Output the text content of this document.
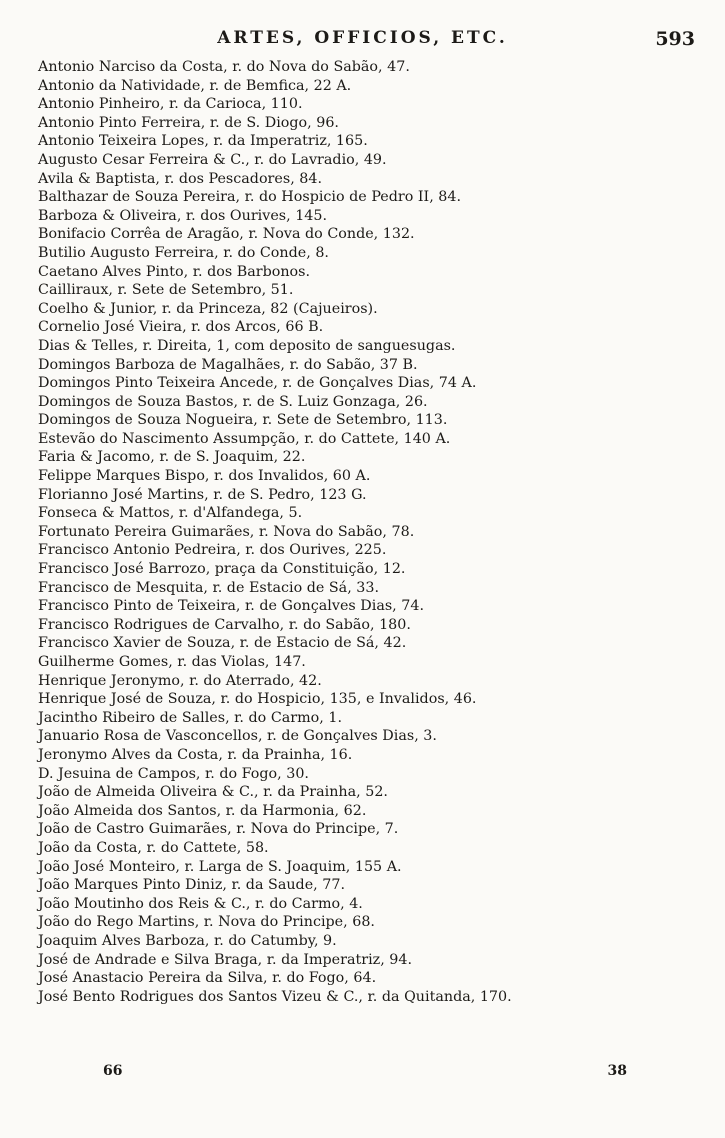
ARTES, OFFICIOS, ETC.	593
Antonio Narciso da Costa, r. do Nova do Sabão, 47.
Antonio da Natividade, r. de Bemfica, 22 A.
Antonio Pinheiro, r. da Carioca, 110.
Antonio Pinto Ferreira, r. de S. Diogo, 96.
Antonio Teixeira Lopes, r. da Imperatriz, 165.
Augusto Cesar Ferreira & C., r. do Lavradio, 49.
Avila & Baptista, r. dos Pescadores, 84.
Balthazar de Souza Pereira, r. do Hospicio de Pedro II, 84.
Barboza & Oliveira, r. dos Ourives, 145.
Bonifacio Corrêa de Aragão, r. Nova do Conde, 132.
Butilio Augusto Ferreira, r. do Conde, 8.
Caetano Alves Pinto, r. dos Barbonos.
Cailliraux, r. Sete de Setembro, 51.
Coelho & Junior, r. da Princeza, 82 (Cajueiros).
Cornelio José Vieira, r. dos Arcos, 66 B.
Dias & Telles, r. Direita, 1, com deposito de sanguesugas.
Domingos Barboza de Magalhães, r. do Sabão, 37 B.
Domingos Pinto Teixeira Ancede, r. de Gonçalves Dias, 74 A.
Domingos de Souza Bastos, r. de S. Luiz Gonzaga, 26.
Domingos de Souza Nogueira, r. Sete de Setembro, 113.
Estevão do Nascimento Assumpção, r. do Cattete, 140 A.
Faria & Jacomo, r. de S. Joaquim, 22.
Felippe Marques Bispo, r. dos Invalidos, 60 A.
Florianno José Martins, r. de S. Pedro, 123 G.
Fonseca & Mattos, r. d'Alfandega, 5.
Fortunato Pereira Guimarães, r. Nova do Sabão, 78.
Francisco Antonio Pedreira, r. dos Ourives, 225.
Francisco José Barrozo, praça da Constituição, 12.
Francisco de Mesquita, r. de Estacio de Sá, 33.
Francisco Pinto de Teixeira, r. de Gonçalves Dias, 74.
Francisco Rodrigues de Carvalho, r. do Sabão, 180.
Francisco Xavier de Souza, r. de Estacio de Sá, 42.
Guilherme Gomes, r. das Violas, 147.
Henrique Jeronymo, r. do Aterrado, 42.
Henrique José de Souza, r. do Hospicio, 135, e Invalidos, 46.
Jacintho Ribeiro de Salles, r. do Carmo, 1.
Januario Rosa de Vasconcellos, r. de Gonçalves Dias, 3.
Jeronymo Alves da Costa, r. da Prainha, 16.
D. Jesuina de Campos, r. do Fogo, 30.
João de Almeida Oliveira & C., r. da Prainha, 52.
João Almeida dos Santos, r. da Harmonia, 62.
João de Castro Guimarães, r. Nova do Principe, 7.
João da Costa, r. do Cattete, 58.
João José Monteiro, r. Larga de S. Joaquim, 155 A.
João Marques Pinto Diniz, r. da Saude, 77.
João Moutinho dos Reis & C., r. do Carmo, 4.
João do Rego Martins, r. Nova do Principe, 68.
Joaquim Alves Barboza, r. do Catumby, 9.
José de Andrade e Silva Braga, r. da Imperatriz, 94.
José Anastacio Pereira da Silva, r. do Fogo, 64.
José Bento Rodrigues dos Santos Vizeu & C., r. da Quitanda, 170.
66	38
